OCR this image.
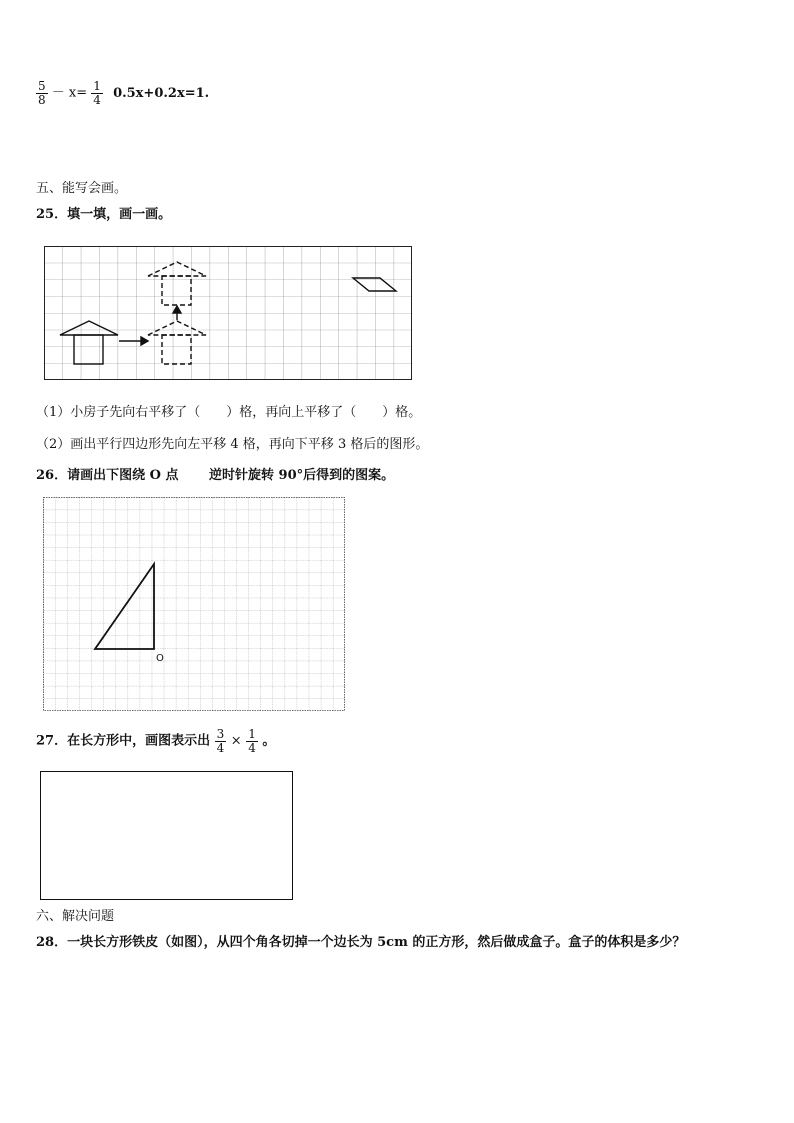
$\frac{5}{8} - x= \frac{1}{4} 0.5x+0.2x=1$.
五、能写会画。
25．填一填，画一画。
（1）小房子先向右平移了（　　）格，再向上平移了（　　）格。
（2）画出平行四边形先向左平移 4 格，再向下平移 3 格后的图形。
26．请画出下图绕 O 点 逆时针旋转 90°后得到的图案。
O
27．在长方形中，画图表示出 $\frac{3}{4} \times \frac{1}{4}$ 。
六、解决问题
28．一块长方形铁皮（如图），从四个角各切掉一个边长为 5cm 的正方形，然后做成盒子。盒子的体积是多少？
